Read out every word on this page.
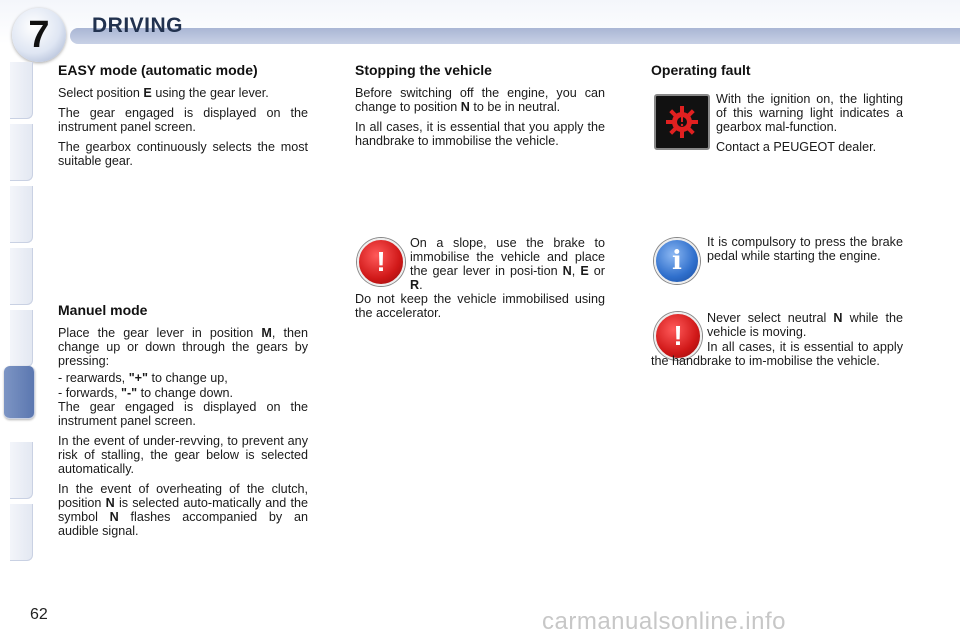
7 DRIVING
EASY mode (automatic mode)

Select position E using the gear lever.

The gear engaged is displayed on the instrument panel screen.

The gearbox continuously selects the most suitable gear.

Manuel mode

Place the gear lever in position M, then change up or down through the gears by pressing:

- rearwards, "+" to change up,

- forwards, "-" to change down.

The gear engaged is displayed on the instrument panel screen.

In the event of under-revving, to prevent any risk of stalling, the gear below is selected automatically.

In the event of overheating of the clutch, position N is selected auto-matically and the symbol N flashes accompanied by an audible signal.

Stopping the vehicle

Before switching off the engine, you can change to position N to be in neutral.

In all cases, it is essential that you apply the handbrake to immobilise the vehicle.

!

On a slope, use the brake to immobilise the vehicle and place the gear lever in posi-tion N, E or R.

Do not keep the vehicle immobilised using the accelerator.

Operating fault

With the ignition on, the lighting of this warning light indicates a gearbox mal-function.

Contact a PEUGEOT dealer.

i

It is compulsory to press the brake pedal while starting the engine.

!

Never select neutral N while the vehicle is moving.

In all cases, it is essential to apply the handbrake to im-mobilise the vehicle.

62	carmanualsonline.info
